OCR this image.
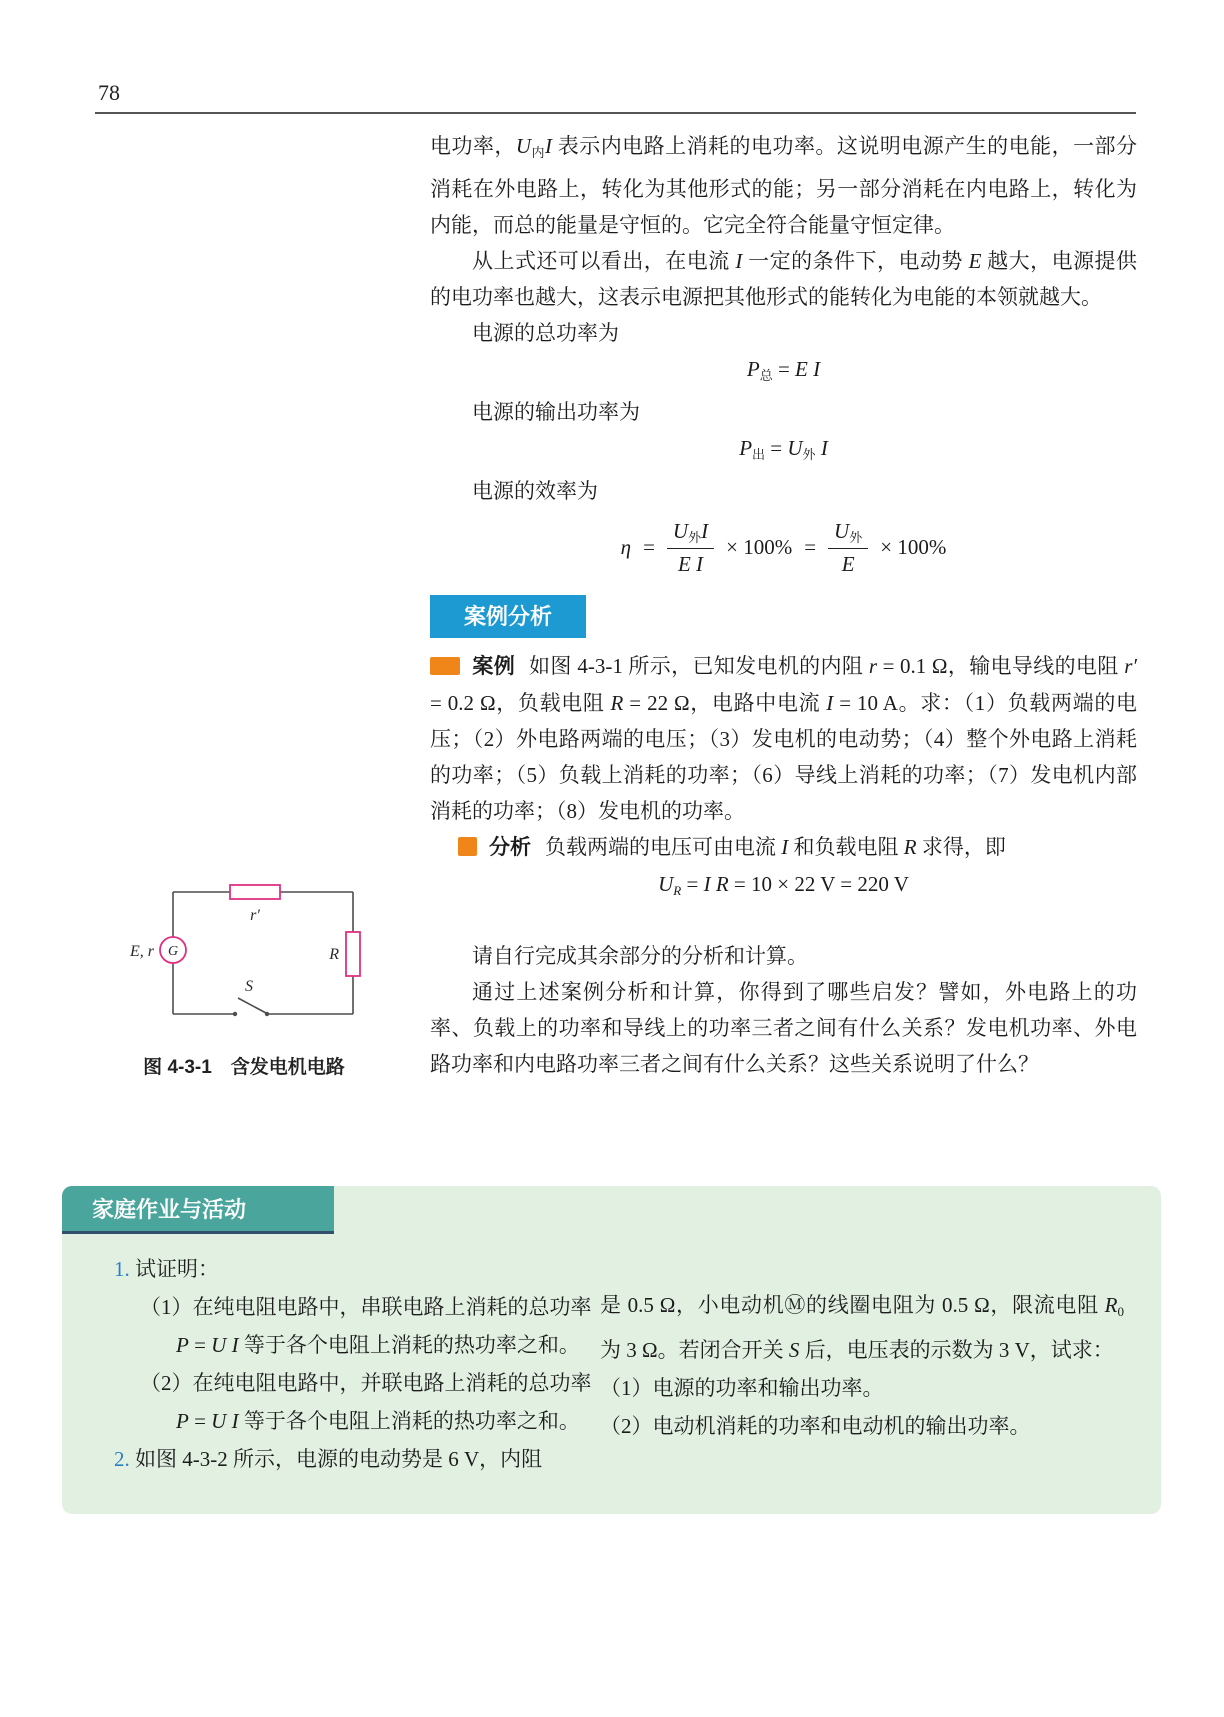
78
r′
E, r G	R
S
图 4-3-1　含发电机电路

电功率，$U_内I$ 表示内电路上消耗的电功率。这说明电源产生的电能，一部分消耗在外电路上，转化为其他形式的能；另一部分消耗在内电路上，转化为内能，而总的能量是守恒的。它完全符合能量守恒定律。

从上式还可以看出，在电流 I 一定的条件下，电动势 E 越大，电源提供的电功率也越大，这表示电源把其他形式的能转化为电能的本领就越大。

电源的总功率为

$P_总 = E$ I

电源的输出功率为

$P_出 = U_外$ I

电源的效率为

$\eta = \frac{U_外I}{\text{E I}} \times 100\% = \frac{U_外}{E} \times 100\%$
案例分析

案例 如图 4-3-1 所示，已知发电机的内阻 r = 0.1 Ω，输电导线的电阻 r′ = 0.2 Ω，负载电阻 R = 22 Ω，电路中电流 I = 10 A。求：（1）负载两端的电压；（2）外电路两端的电压；（3）发电机的电动势；（4）整个外电路上消耗的功率；（5）负载上消耗的功率；（6）导线上消耗的功率；（7）发电机内部消耗的功率；（8）发电机的功率。

分析 负载两端的电压可由电流 I 和负载电阻 R 求得，即

UR = I R = 10 × 22 V = 220 V

请自行完成其余部分的分析和计算。

通过上述案例分析和计算，你得到了哪些启发？譬如，外电路上的功率、负载上的功率和导线上的功率三者之间有什么关系？发电机功率、外电路功率和内电路功率三者之间有什么关系？这些关系说明了什么？

家庭作业与活动

1. 试证明：

（1）在纯电阻电路中，串联电路上消耗的总功率

P = U I 等于各个电阻上消耗的热功率之和。

（2）在纯电阻电路中，并联电路上消耗的总功率

P = U I 等于各个电阻上消耗的热功率之和。

2. 如图 4-3-2 所示，电源的电动势是 6 V，内阻

是 0.5 Ω，小电动机Ⓜ的线圈电阻为 0.5 Ω，限流电阻 $R_0$ 为 3 Ω。若闭合开关 S 后，电压表的示数为 3 V，试求：

（1）电源的功率和输出功率。

（2）电动机消耗的功率和电动机的输出功率。
